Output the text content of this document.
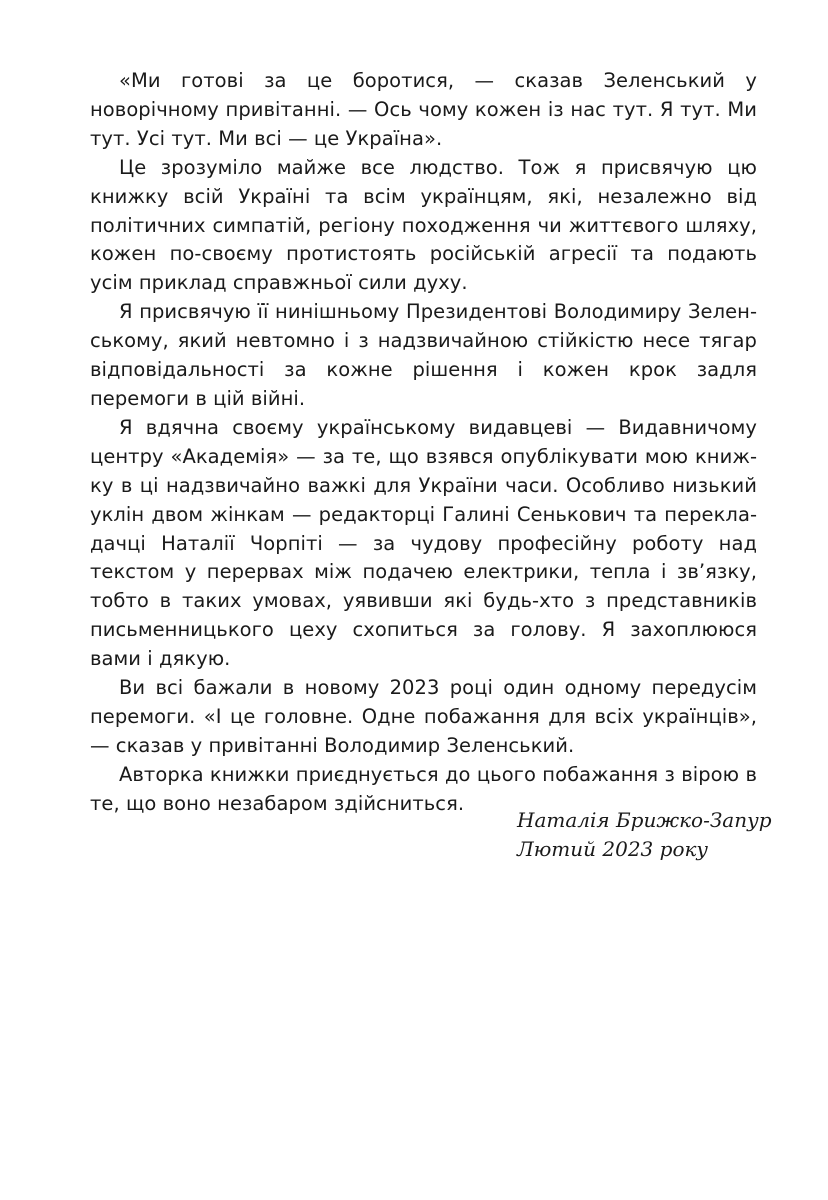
«Ми готові за це боротися, — сказав Зеленський у новорічному привітанні. — Ось чому кожен із нас тут. Я тут. Ми тут. Усі тут. Ми всі — це Україна».

Це зрозуміло майже все людство. Тож я присвячую цю книжку всій Україні та всім українцям, які, незалежно від політичних симпатій, регіону походження чи життєвого шляху, кожен по-своєму протистоять російській агресії та подають усім приклад справжньої сили духу.

Я присвячую її нинішньому Президентові Володимиру Зеленському, який невтомно і з надзвичайною стійкістю несе тягар відповідальності за кожне рішення і кожен крок задля перемоги в цій війні.

Я вдячна своєму українському видавцеві — Видавничому центру «Академія» — за те, що взявся опублікувати мою книжку в ці надзвичайно важкі для України часи. Особливо низький уклін двом жінкам — редакторці Галині Сенькович та перекладачці Наталії Чорпіті — за чудову професійну роботу над текстом у перервах між подачею електрики, тепла і зв’язку, тобто в таких умовах, уявивши які будь-хто з представників письменницького цеху схопиться за голову. Я захоплююся вами і дякую.

Ви всі бажали в новому 2023 році один одному передусім перемоги. «І це головне. Одне побажання для всіх українців», — сказав у привітанні Володимир Зеленський.

Авторка книжки приєднується до цього побажання з вірою в те, що воно незабаром здійсниться.

Наталія Брижко-Запур
Лютий 2023 року
